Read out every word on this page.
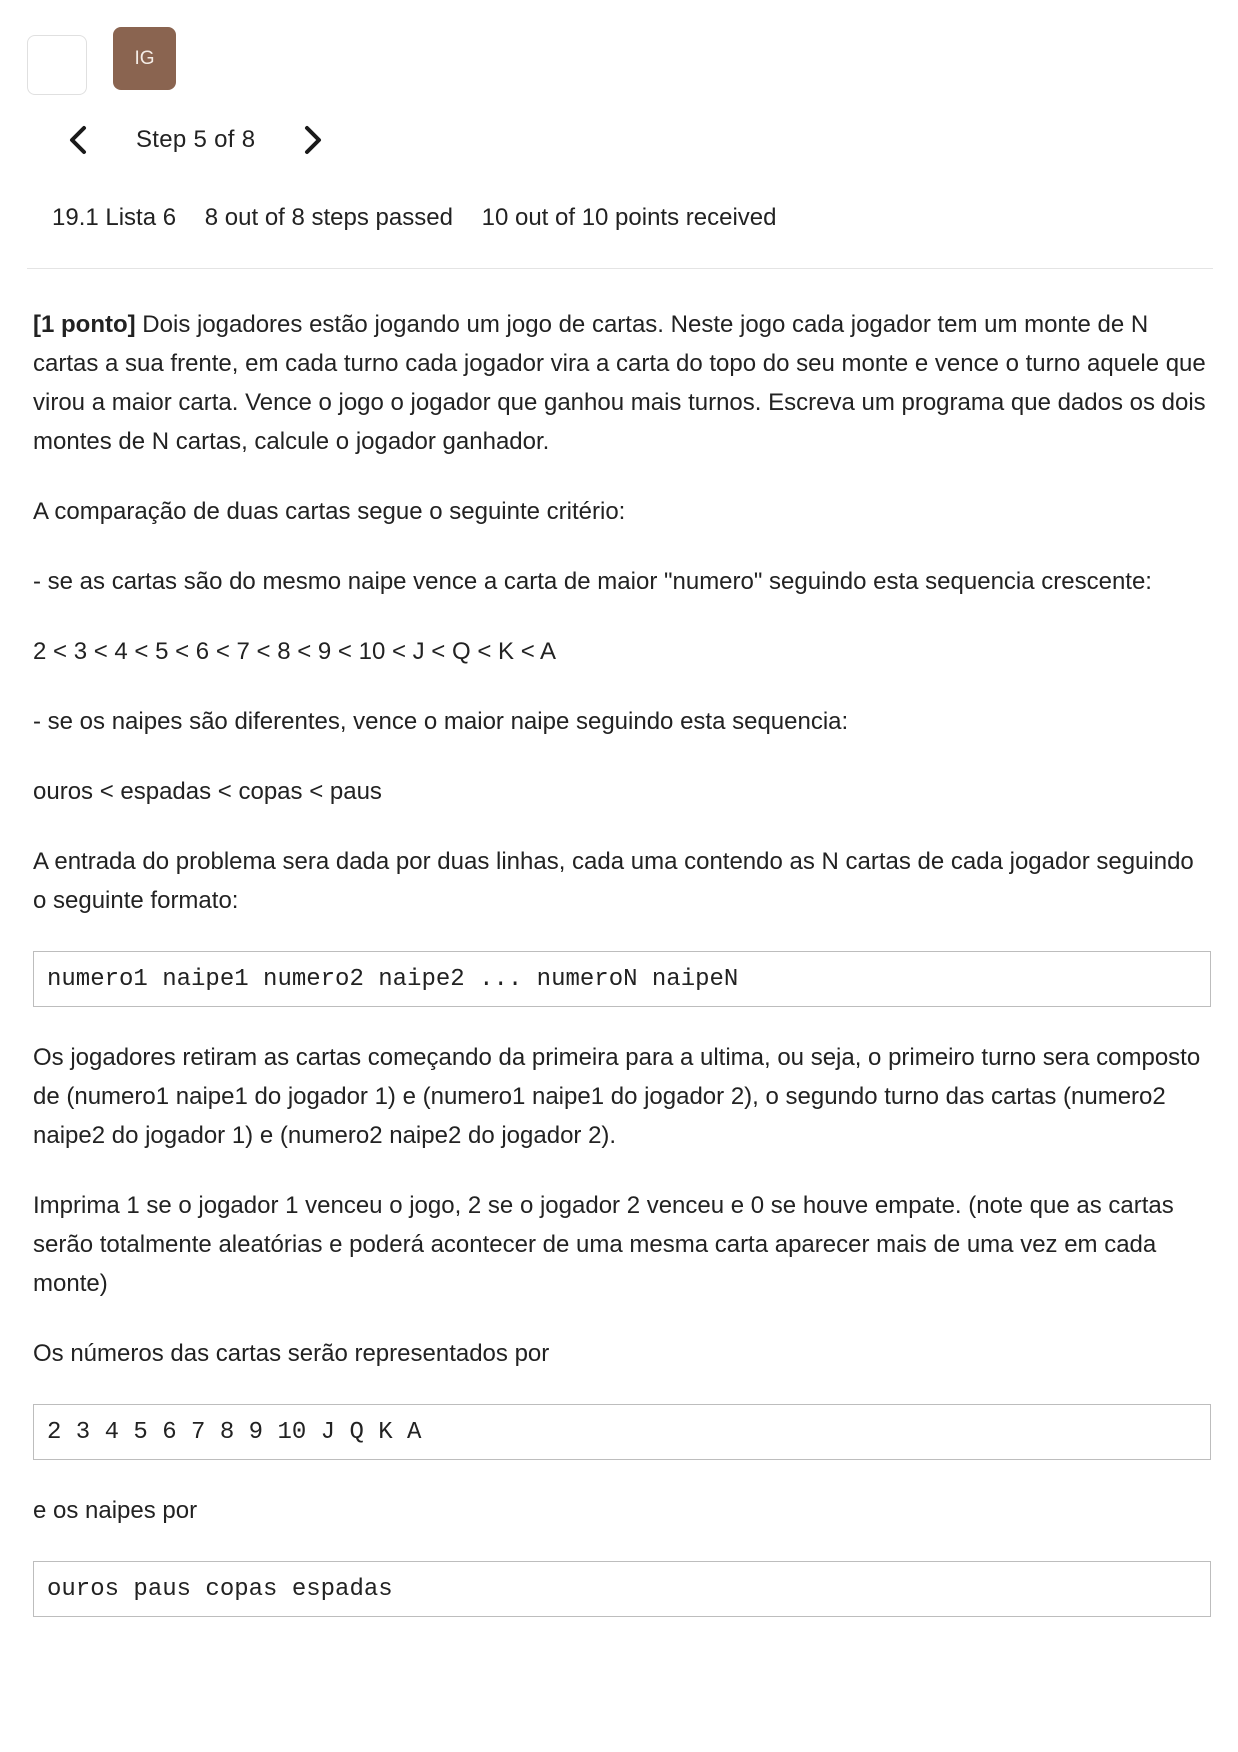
IG
Step 5 of 8
19.1 Lista 6 8 out of 8 steps passed 10 out of 10 points received

[1 ponto] Dois jogadores estão jogando um jogo de cartas. Neste jogo cada jogador tem um monte de N cartas a sua frente, em cada turno cada jogador vira a carta do topo do seu monte e vence o turno aquele que virou a maior carta. Vence o jogo o jogador que ganhou mais turnos. Escreva um programa que dados os dois montes de N cartas, calcule o jogador ganhador.

A comparação de duas cartas segue o seguinte critério:

- se as cartas são do mesmo naipe vence a carta de maior "numero" seguindo esta sequencia crescente:

2 < 3 < 4 < 5 < 6 < 7 < 8 < 9 < 10 < J < Q < K < A

- se os naipes são diferentes, vence o maior naipe seguindo esta sequencia:

ouros < espadas < copas < paus

A entrada do problema sera dada por duas linhas, cada uma contendo as N cartas de cada jogador seguindo o seguinte formato:

numero1 naipe1 numero2 naipe2 ... numeroN naipeN

Os jogadores retiram as cartas começando da primeira para a ultima, ou seja, o primeiro turno sera composto de (numero1 naipe1 do jogador 1) e (numero1 naipe1 do jogador 2), o segundo turno das cartas (numero2 naipe2 do jogador 1) e (numero2 naipe2 do jogador 2).

Imprima 1 se o jogador 1 venceu o jogo, 2 se o jogador 2 venceu e 0 se houve empate. (note que as cartas serão totalmente aleatórias e poderá acontecer de uma mesma carta aparecer mais de uma vez em cada monte)

Os números das cartas serão representados por

2 3 4 5 6 7 8 9 10 J Q K A

e os naipes por

ouros paus copas espadas
